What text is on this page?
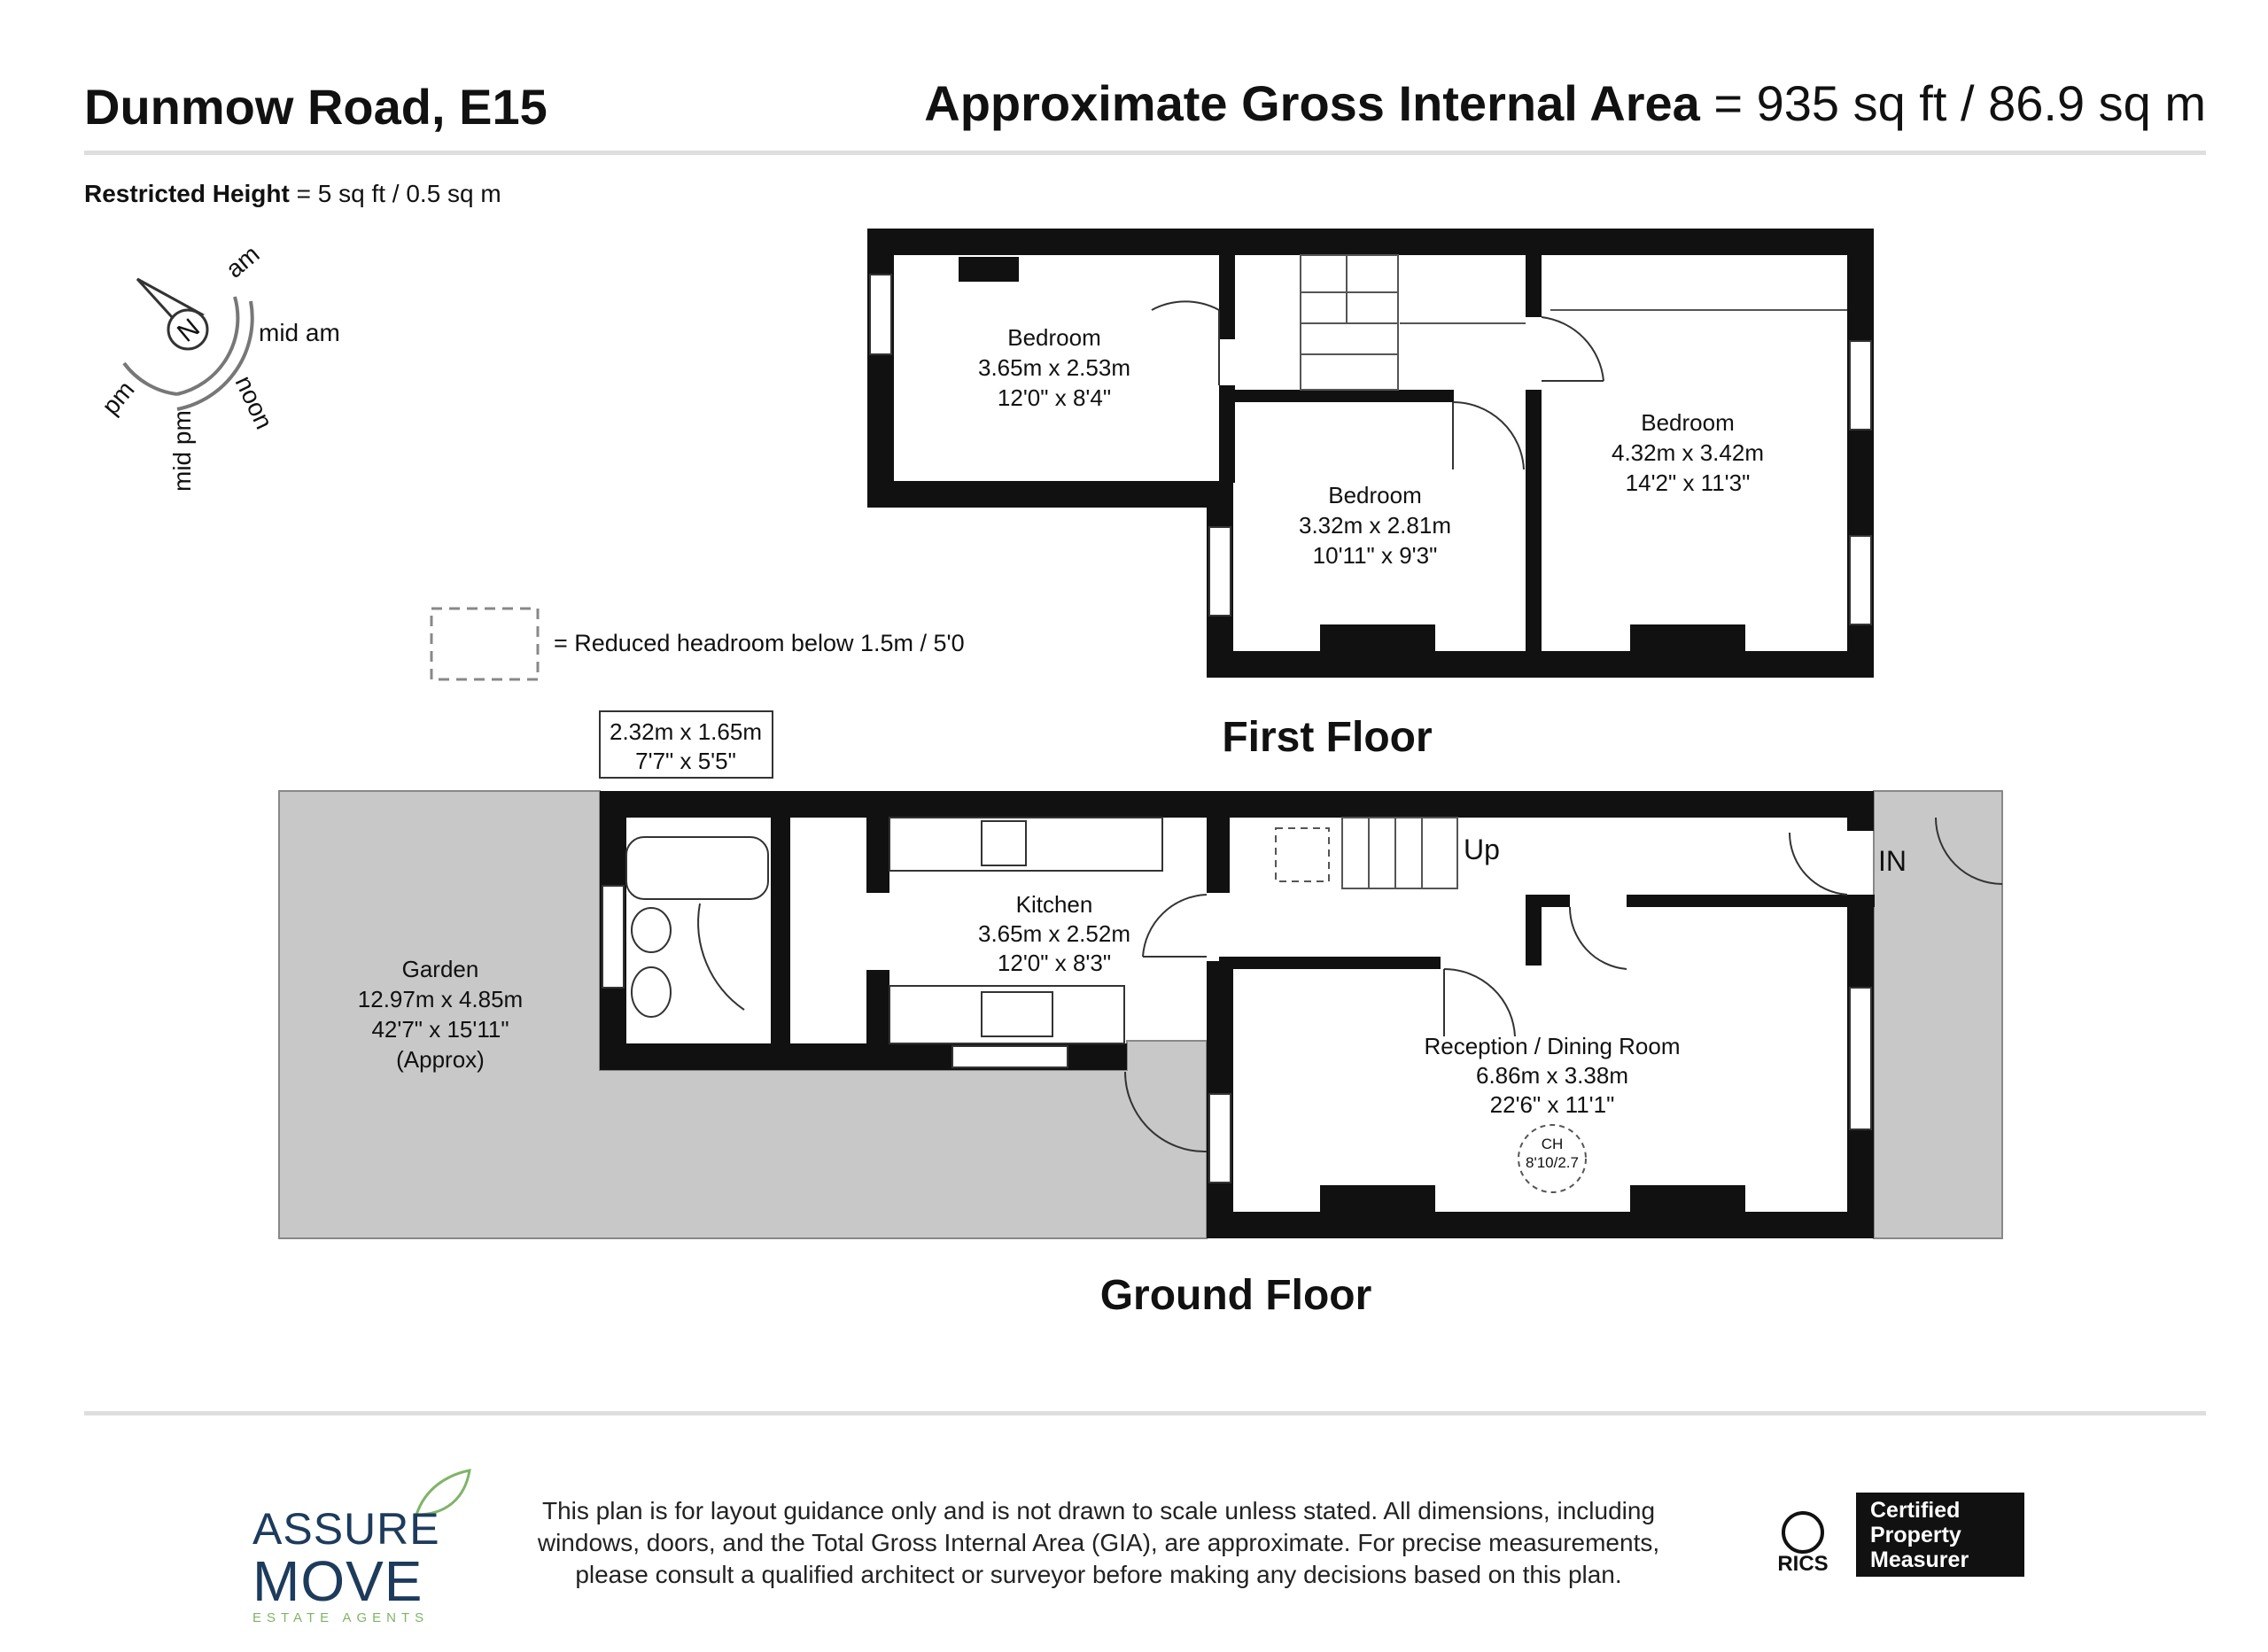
Dunmow Road, E15	Approximate Gross Internal Area = 935 sq ft / 86.9 sq m
Restricted Height = 5 sq ft / 0.5 sq m
N
am
mid am
noon
mid pm
pm
= Reduced headroom below 1.5m / 5'0
First Floor
Bedroom
3.65m x 2.53m
12'0" x 8'4"
Bedroom
3.32m x 2.81m
10'11" x 9'3"
Bedroom
4.32m x 3.42m
14'2" x 11'3"
2.32m x 1.65m
7'7" x 5'5"
Kitchen
3.65m x 2.52m
12'0" x 8'3"
Reception / Dining Room
6.86m x 3.38m
22'6" x 11'1"
CH
8'10/2.7
Garden
12.97m x 4.85m
42'7" x 15'11"
(Approx)
Up	IN
Ground Floor
ASSURE
MOVE
ESTATE AGENTS
This plan is for layout guidance only and is not drawn to scale unless stated. All dimensions, including
windows, doors, and the Total Gross Internal Area (GIA), are approximate. For precise measurements,
please consult a qualified architect or surveyor before making any decisions based on this plan.	RICS
Certified
Property
Measurer
